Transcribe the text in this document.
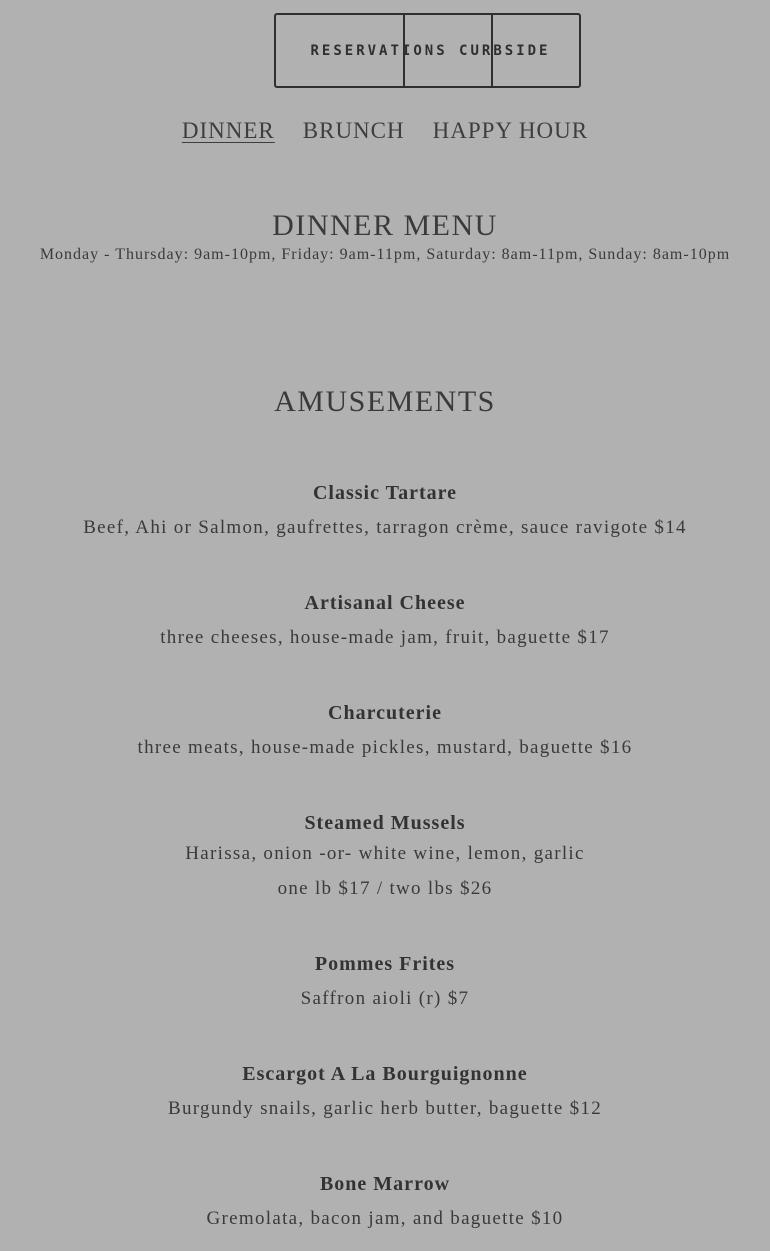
RESERVATIONS CURBSIDE
DINNER BRUNCH HAPPY HOUR
DINNER MENU
Monday - Thursday: 9am-10pm, Friday: 9am-11pm, Saturday: 8am-11pm, Sunday: 8am-10pm
AMUSEMENTS
Classic Tartare
Beef, Ahi or Salmon, gaufrettes, tarragon crème, sauce ravigote $14
Artisanal Cheese
three cheeses, house-made jam, fruit, baguette $17
Charcuterie
three meats, house-made pickles, mustard, baguette $16
Steamed Mussels
Harissa, onion -or- white wine, lemon, garlic
one lb $17 / two lbs $26
Pommes Frites
Saffron aioli (r) $7
Escargot A La Bourguignonne
Burgundy snails, garlic herb butter, baguette $12
Bone Marrow
Gremolata, bacon jam, and baguette $10
